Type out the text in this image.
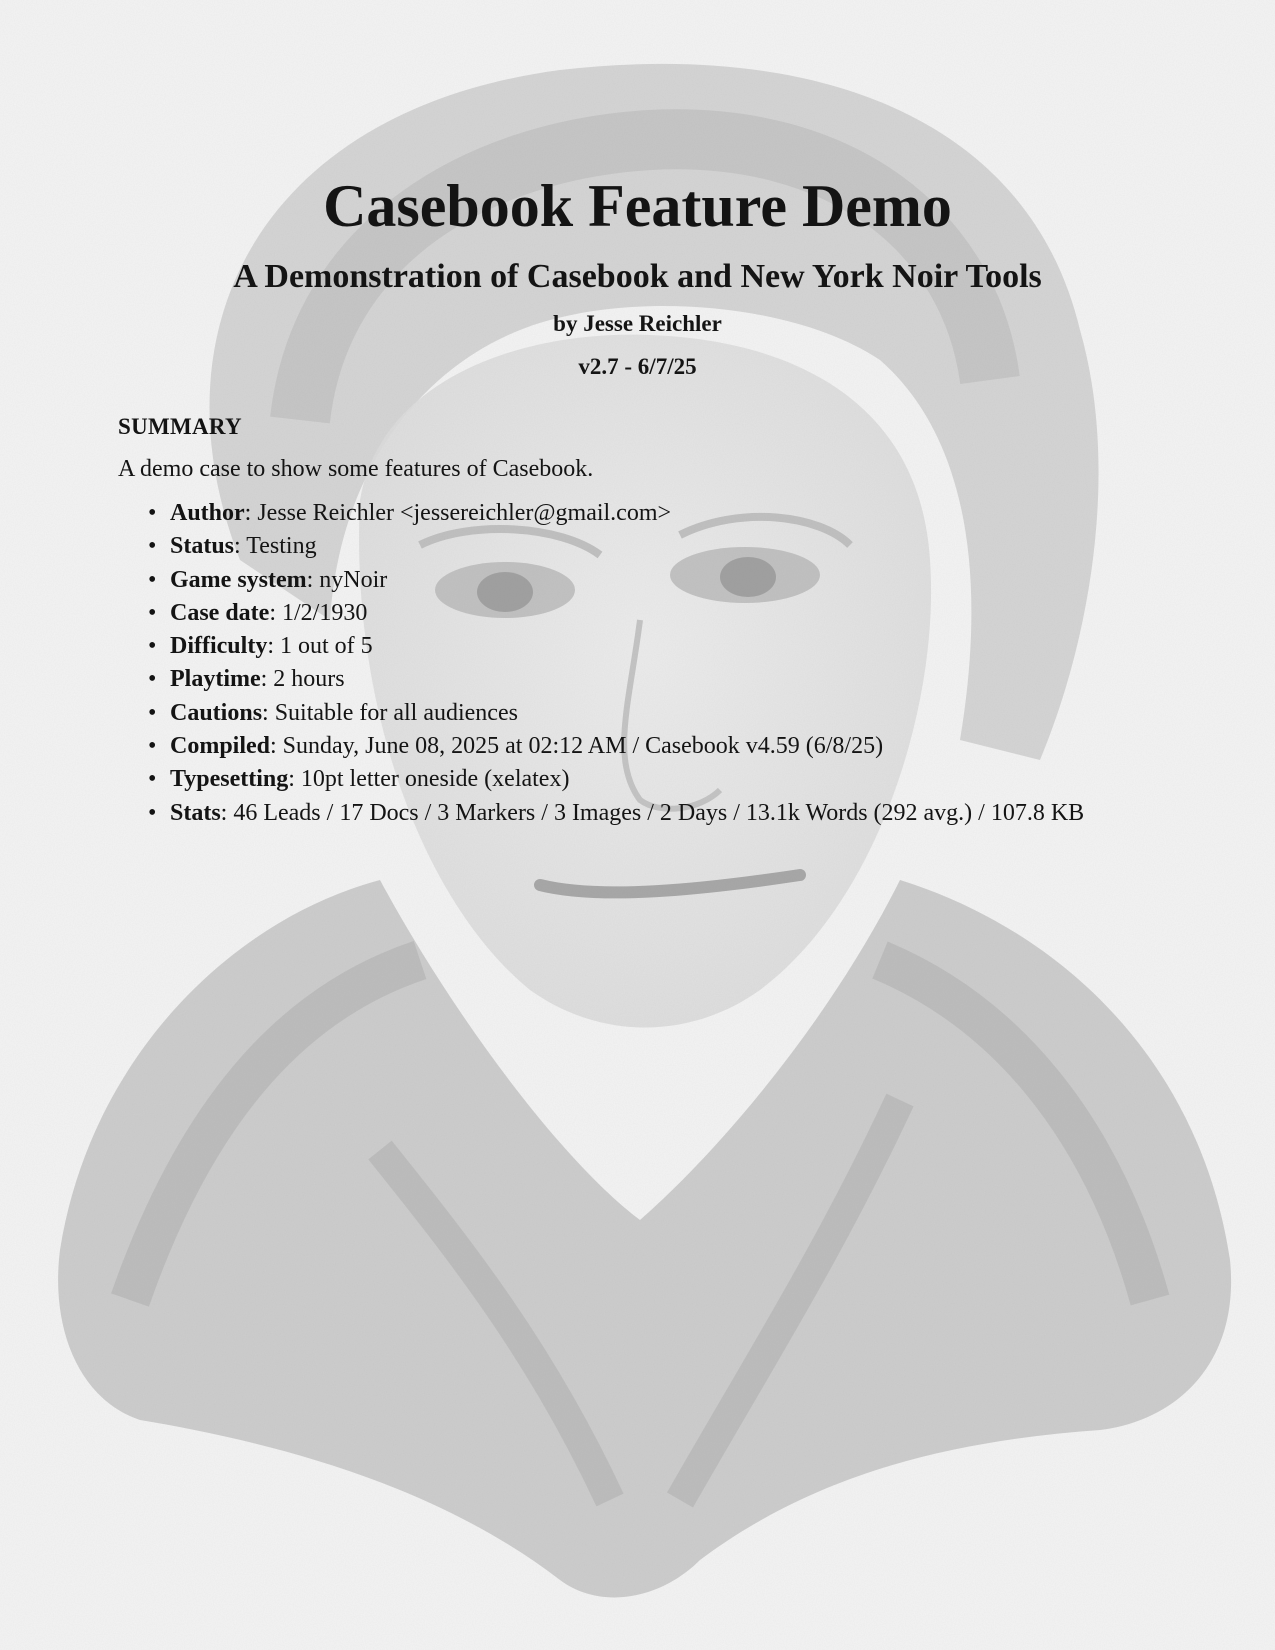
Casebook Feature Demo
A Demonstration of Casebook and New York Noir Tools
by Jesse Reichler
v2.7 - 6/7/25
SUMMARY
A demo case to show some features of Casebook.
• Author: Jesse Reichler <jessereichler@gmail.com>
• Status: Testing
• Game system: nyNoir
• Case date: 1/2/1930
• Difficulty: 1 out of 5
• Playtime: 2 hours
• Cautions: Suitable for all audiences
• Compiled: Sunday, June 08, 2025 at 02:12 AM / Casebook v4.59 (6/8/25)
• Typesetting: 10pt letter oneside (xelatex)
• Stats: 46 Leads / 17 Docs / 3 Markers / 3 Images / 2 Days / 13.1k Words (292 avg.) / 107.8 KB
